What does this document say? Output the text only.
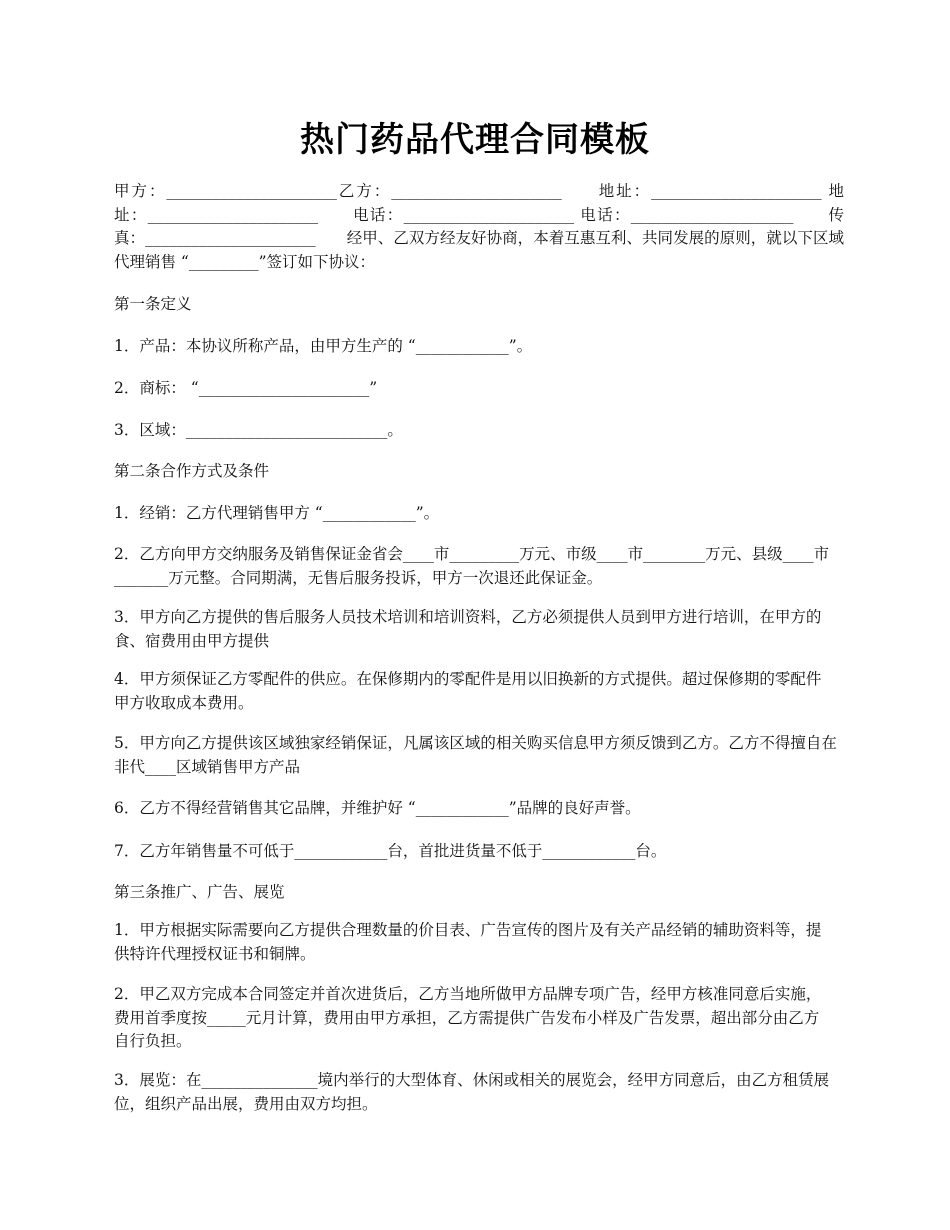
热门药品代理合同模板
甲方：______________________乙方：______________________　　地址：______________________ 地址：______________________　　电话：______________________ 电话：_____________________　　传真：______________________　　经甲、乙双方经友好协商，本着互惠互利、共同发展的原则，就以下区域代理销售 “_________”签订如下协议：
第一条定义
1．产品：本协议所称产品，由甲方生产的 “____________”。
2．商标： “______________________”
3．区域：__________________________。
第二条合作方式及条件
1．经销：乙方代理销售甲方 “____________”。
2．乙方向甲方交纳服务及销售保证金省会____市_________万元、市级____市________万元、县级____市_______万元整。合同期满，无售后服务投诉，甲方一次退还此保证金。
3．甲方向乙方提供的售后服务人员技术培训和培训资料，乙方必须提供人员到甲方进行培训，在甲方的食、宿费用由甲方提供
4．甲方须保证乙方零配件的供应。在保修期内的零配件是用以旧换新的方式提供。超过保修期的零配件甲方收取成本费用。
5．甲方向乙方提供该区域独家经销保证，凡属该区域的相关购买信息甲方须反馈到乙方。乙方不得擅自在非代____区域销售甲方产品
6．乙方不得经营销售其它品牌，并维护好 “____________”品牌的良好声誉。
7．乙方年销售量不可低于____________台，首批进货量不低于____________台。
第三条推广、广告、展览
1．甲方根据实际需要向乙方提供合理数量的价目表、广告宣传的图片及有关产品经销的辅助资料等，提供特许代理授权证书和铜牌。
2．甲乙双方完成本合同签定并首次进货后，乙方当地所做甲方品牌专项广告，经甲方核准同意后实施，费用首季度按_____元月计算，费用由甲方承担，乙方需提供广告发布小样及广告发票，超出部分由乙方自行负担。
3．展览：在_______________境内举行的大型体育、休闲或相关的展览会，经甲方同意后，由乙方租赁展位，组织产品出展，费用由双方均担。
